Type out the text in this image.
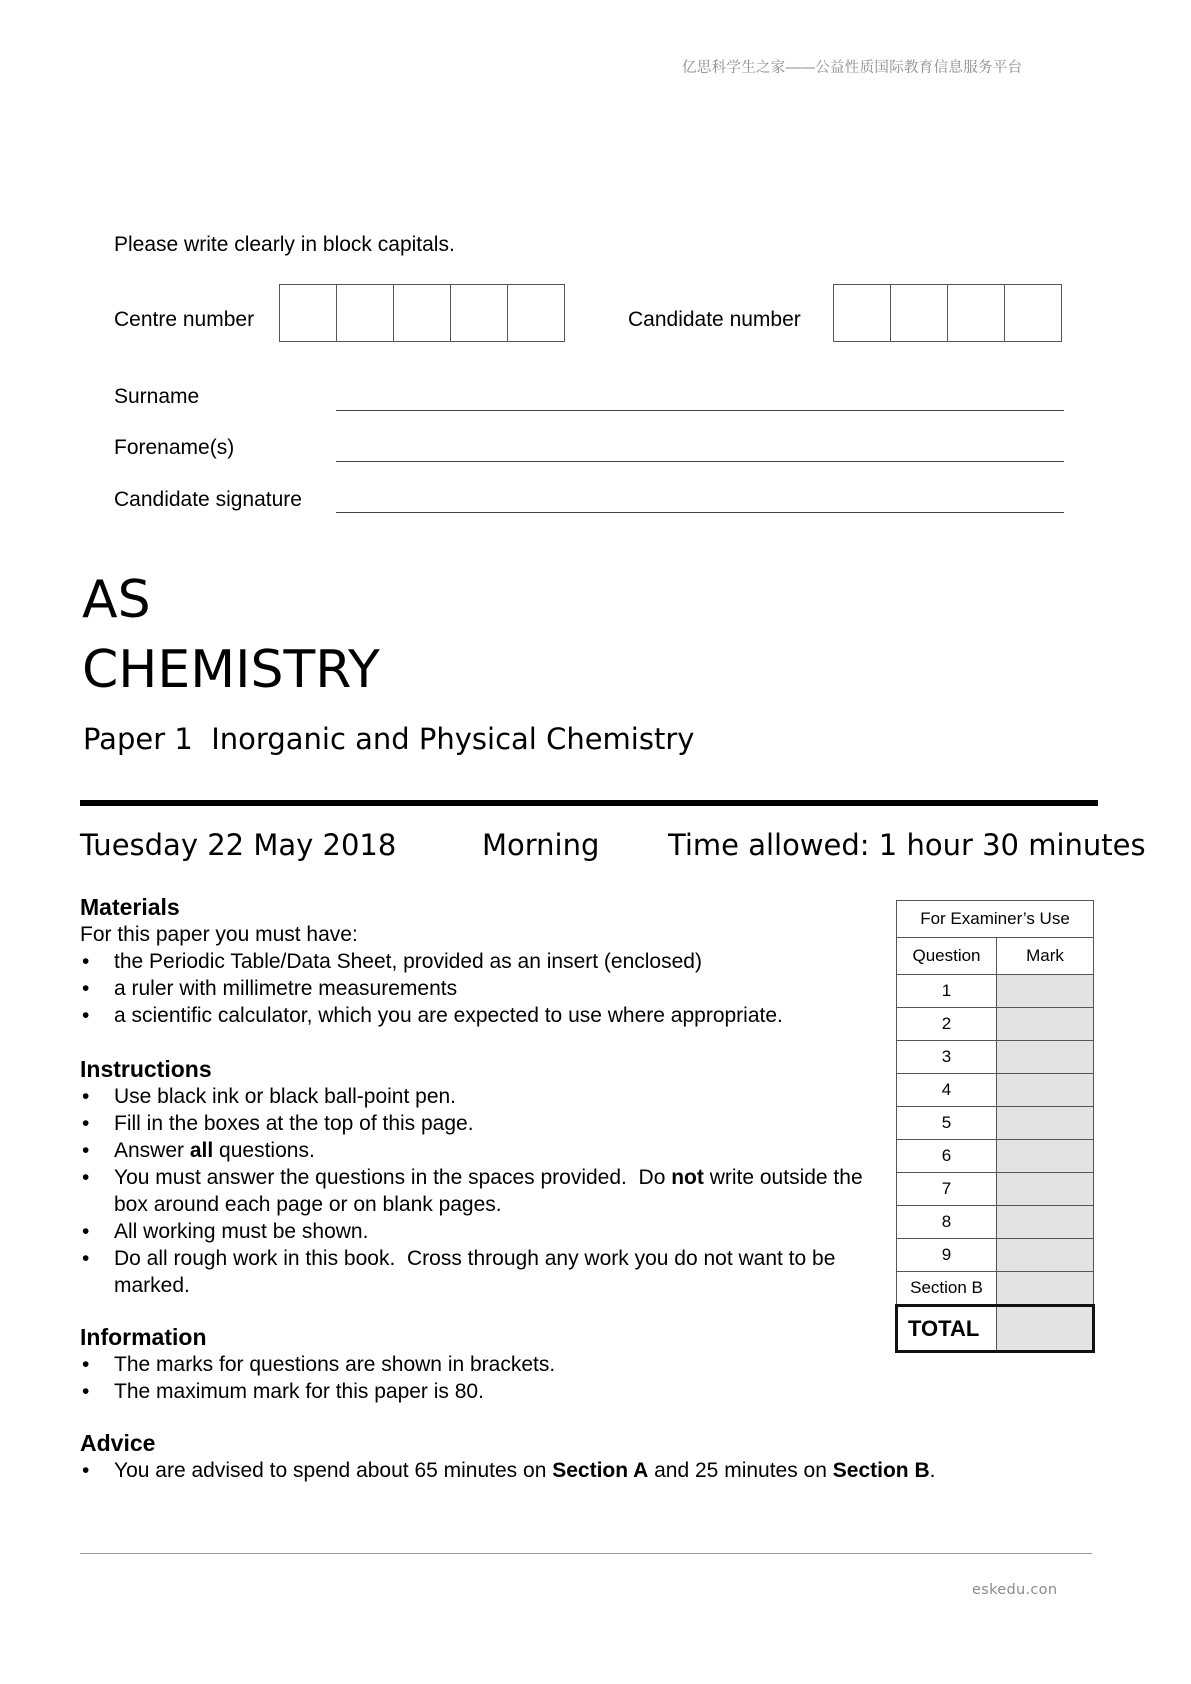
亿思科学生之家——公益性质国际教育信息服务平台
Please write clearly in block capitals.
Centre number	Candidate number
Surname
Forename(s)
Candidate signature
AS
CHEMISTRY
Paper 1  Inorganic and Physical Chemistry
Tuesday 22 May 2018	Morning Time allowed: 1 hour 30 minutes
Materials
For this paper you must have:
• the Periodic Table/Data Sheet, provided as an insert (enclosed)
• a ruler with millimetre measurements
• a scientific calculator, which you are expected to use where appropriate.
Instructions
• Use black ink or black ball-point pen.
• Fill in the boxes at the top of this page.
• Answer all questions.
• You must answer the questions in the spaces provided.  Do not write outside the box around each page or on blank pages.
• All working must be shown.
• Do all rough work in this book.  Cross through any work you do not want to be marked.
Information
• The marks for questions are shown in brackets.
• The maximum mark for this paper is 80.
Advice
• You are advised to spend about 65 minutes on Section A and 25 minutes on Section B.
For Examiner’s Use	
Question	Mark
1	
2	
3	
4	
5	
6	
7	
8	
9	
Section B	
TOTAL	
eskedu.con
